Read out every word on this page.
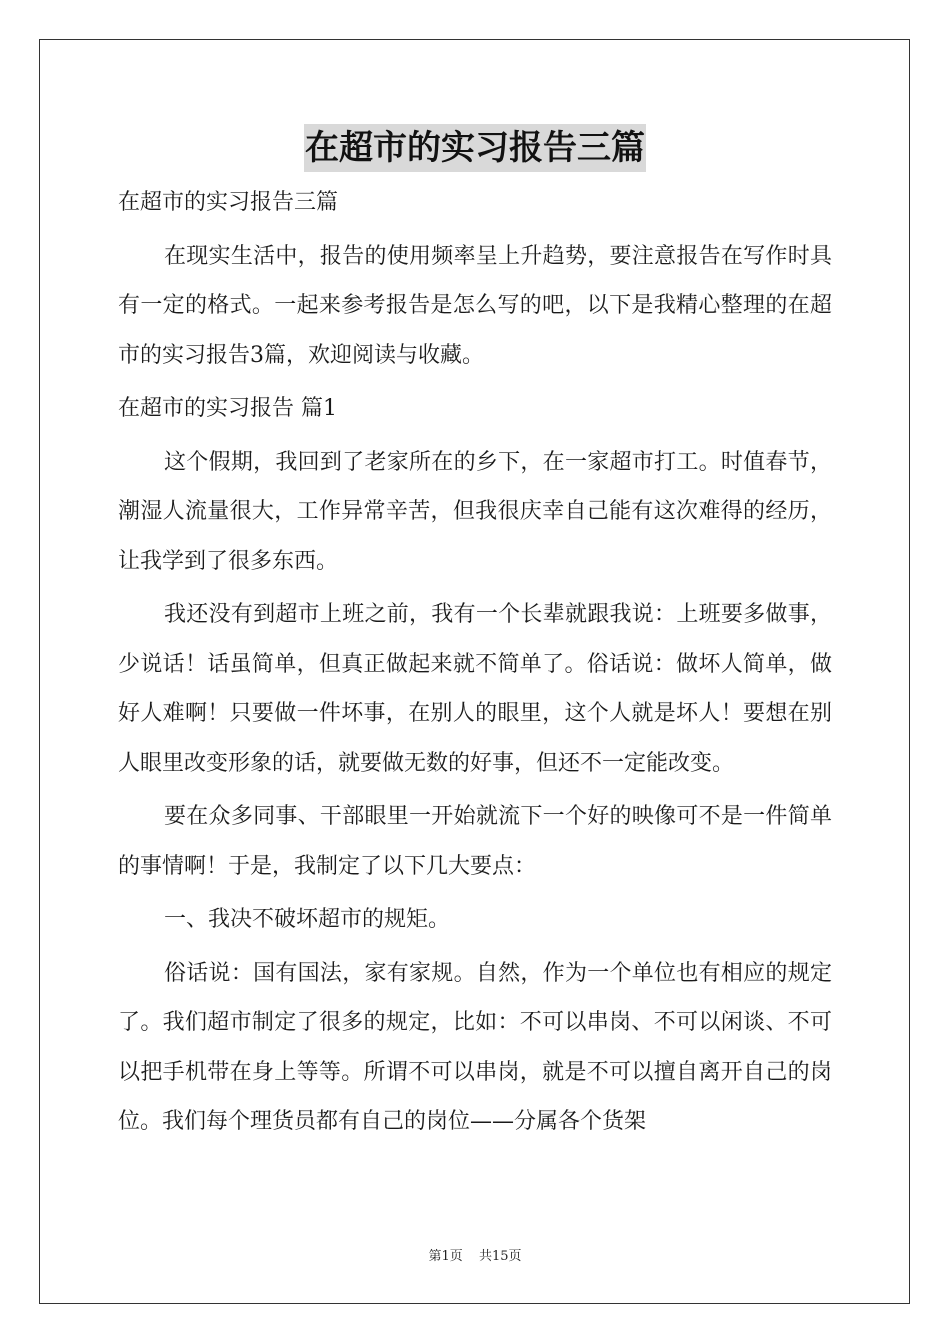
在超市的实习报告三篇

在超市的实习报告三篇

在现实生活中，报告的使用频率呈上升趋势，要注意报告在写作时具有一定的格式。一起来参考报告是怎么写的吧，以下是我精心整理的在超市的实习报告3篇，欢迎阅读与收藏。

在超市的实习报告 篇1

这个假期，我回到了老家所在的乡下，在一家超市打工。时值春节，潮湿人流量很大，工作异常辛苦，但我很庆幸自己能有这次难得的经历，让我学到了很多东西。

我还没有到超市上班之前，我有一个长辈就跟我说：上班要多做事，少说话！话虽简单，但真正做起来就不简单了。俗话说：做坏人简单，做好人难啊！只要做一件坏事，在别人的眼里，这个人就是坏人！要想在别人眼里改变形象的话，就要做无数的好事，但还不一定能改变。

要在众多同事、干部眼里一开始就流下一个好的映像可不是一件简单的事情啊！于是，我制定了以下几大要点：

一、我决不破坏超市的规矩。

俗话说：国有国法，家有家规。自然，作为一个单位也有相应的规定了。我们超市制定了很多的规定，比如：不可以串岗、不可以闲谈、不可以把手机带在身上等等。所谓不可以串岗，就是不可以擅自离开自己的岗位。我们每个理货员都有自己的岗位——分属各个货架

第1页 共15页
